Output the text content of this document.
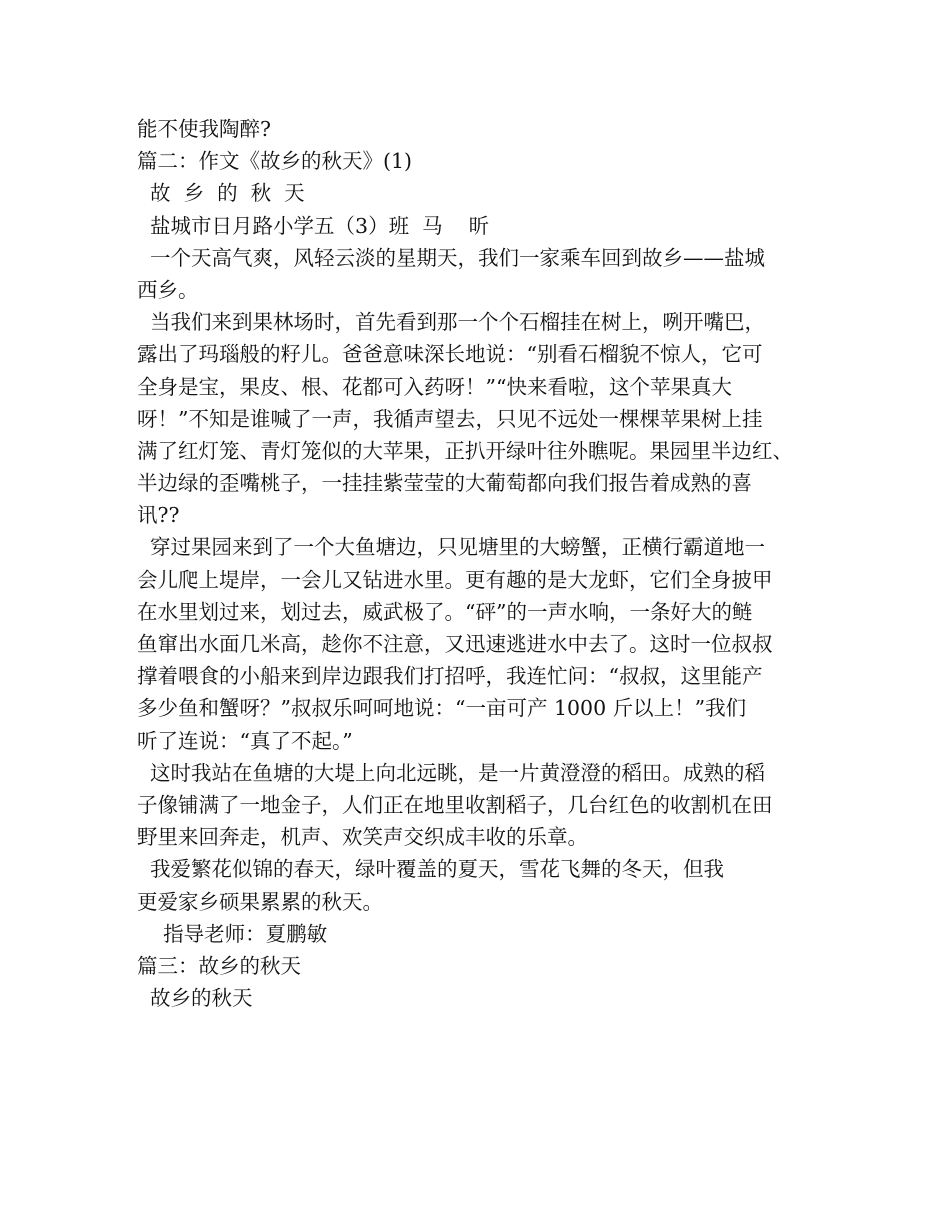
能不使我陶醉?
篇二：作文《故乡的秋天》(1)
故  乡  的  秋  天
盐城市日月路小学五（3）班  马    昕
一个天高气爽，风轻云淡的星期天，我们一家乘车回到故乡——盐城
西乡。
当我们来到果林场时，首先看到那一个个石榴挂在树上，咧开嘴巴，
露出了玛瑙般的籽儿。爸爸意味深长地说：“别看石榴貌不惊人，它可
全身是宝，果皮、根、花都可入药呀！”“快来看啦，这个苹果真大
呀！”不知是谁喊了一声，我循声望去，只见不远处一棵棵苹果树上挂
满了红灯笼、青灯笼似的大苹果，正扒开绿叶往外瞧呢。果园里半边红、
半边绿的歪嘴桃子，一挂挂紫莹莹的大葡萄都向我们报告着成熟的喜
讯??
穿过果园来到了一个大鱼塘边，只见塘里的大螃蟹，正横行霸道地一
会儿爬上堤岸，一会儿又钻进水里。更有趣的是大龙虾，它们全身披甲
在水里划过来，划过去，威武极了。“砰”的一声水响，一条好大的鲢
鱼窜出水面几米高，趁你不注意，又迅速逃进水中去了。这时一位叔叔
撑着喂食的小船来到岸边跟我们打招呼，我连忙问：“叔叔，这里能产
多少鱼和蟹呀？”叔叔乐呵呵地说：“一亩可产 1000 斤以上！”我们
听了连说：“真了不起。”
这时我站在鱼塘的大堤上向北远眺，是一片黄澄澄的稻田。成熟的稻
子像铺满了一地金子，人们正在地里收割稻子，几台红色的收割机在田
野里来回奔走，机声、欢笑声交织成丰收的乐章。
我爱繁花似锦的春天，绿叶覆盖的夏天，雪花飞舞的冬天，但我
更爱家乡硕果累累的秋天。
指导老师：夏鹏敏
篇三：故乡的秋天
故乡的秋天
